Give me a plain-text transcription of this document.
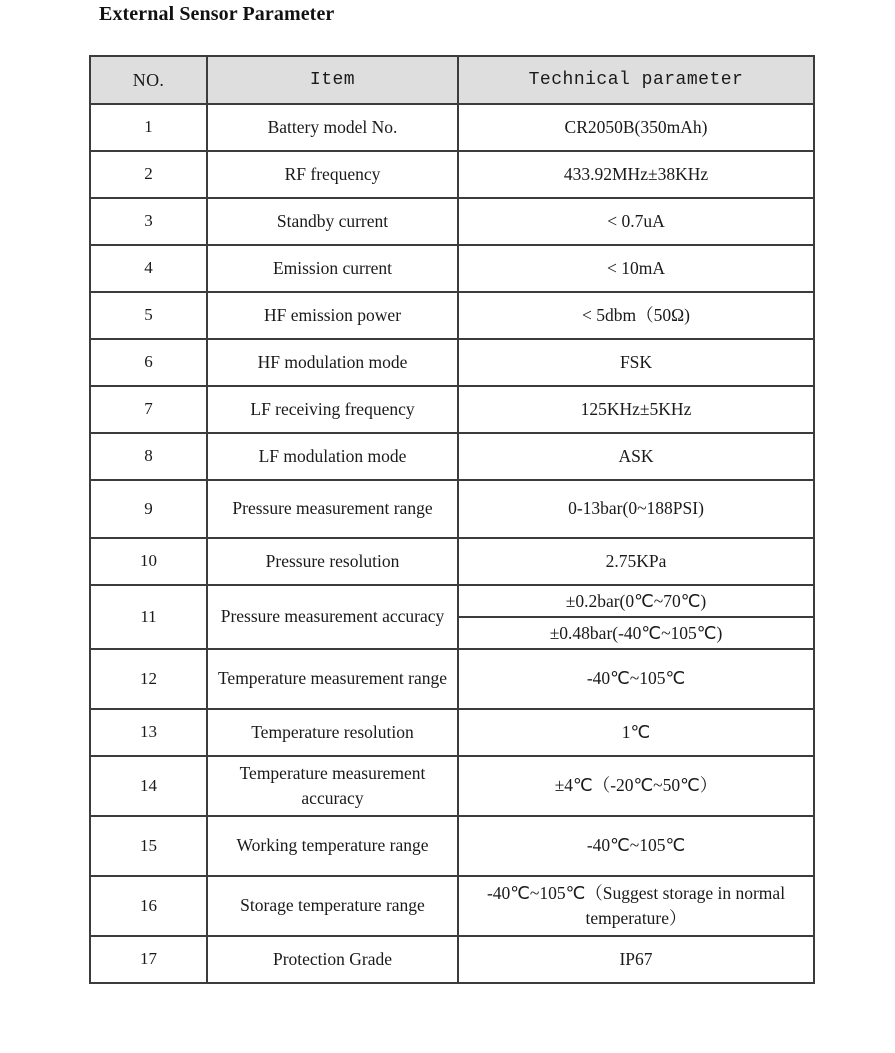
External Sensor Parameter
NO.	Item	Technical parameter
1	Battery model No.	CR2050B(350mAh)
2	RF frequency	433.92MHz±38KHz
3	Standby current	< 0.7uA
4	Emission current	< 10mA
5	HF emission power	< 5dbm（50Ω)
6	HF modulation mode	FSK
7	LF receiving frequency	125KHz±5KHz
8	LF modulation mode	ASK
9	Pressure measurement range	0-13bar(0~188PSI)
10	Pressure resolution	2.75KPa
11	Pressure measurement accuracy	±0.2bar(0℃~70℃)
±0.48bar(-40℃~105℃)

12	Temperature measurement range	-40℃~105℃
13	Temperature resolution	1℃
14	Temperature measurement accuracy	±4℃（-20℃~50℃）
15	Working temperature range	-40℃~105℃
16	Storage temperature range	-40℃~105℃（Suggest storage in normal temperature）
17	Protection Grade	IP67
